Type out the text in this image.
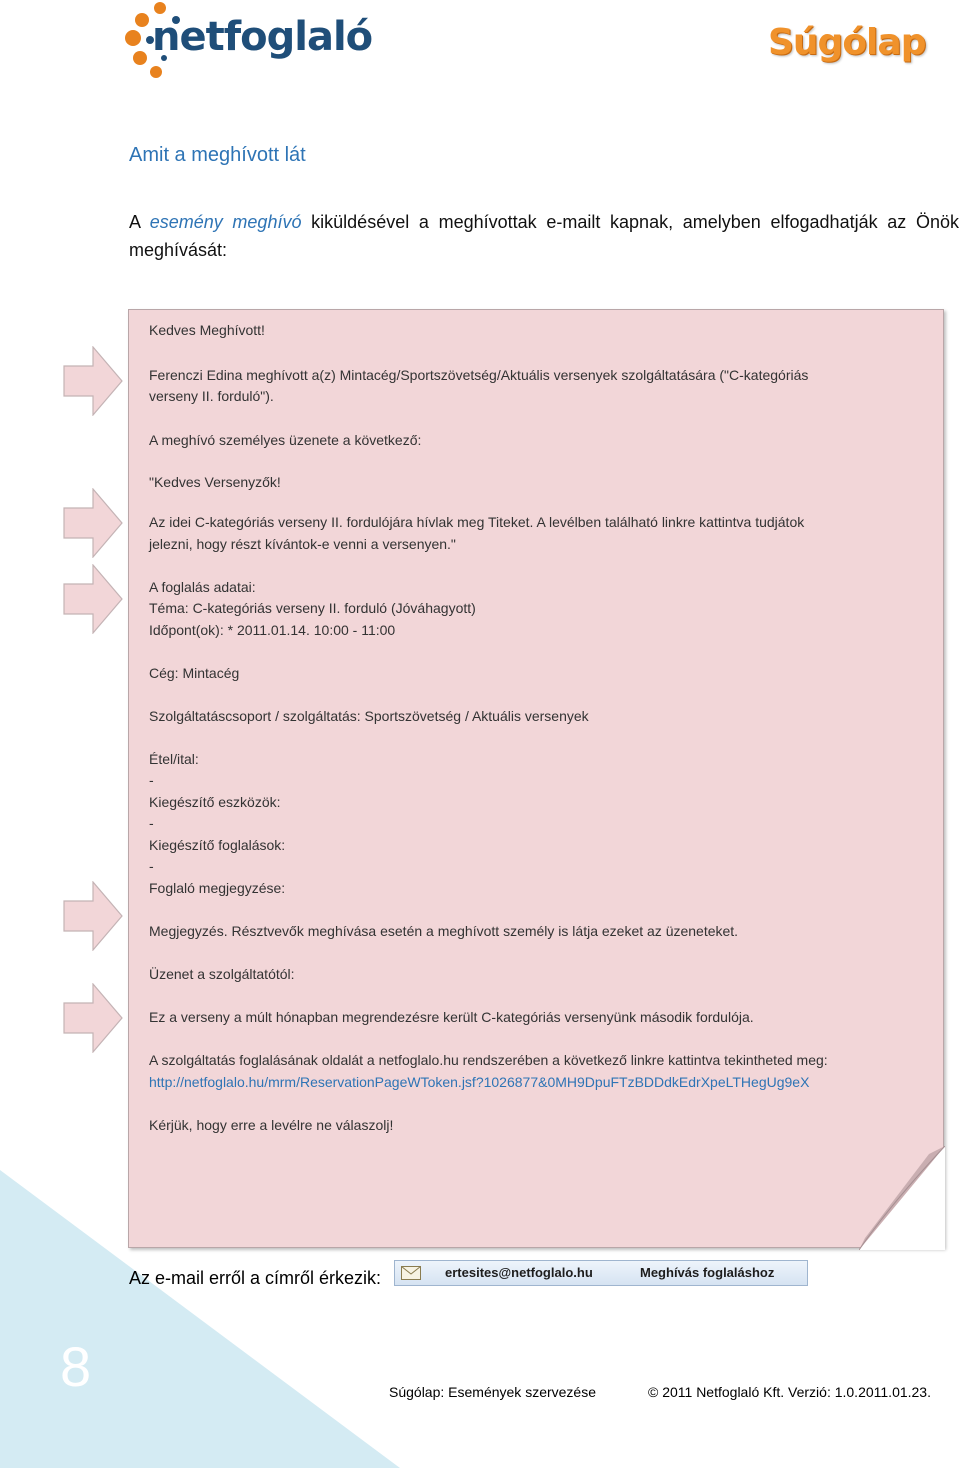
8
netfoglaló	Súgólap
Amit a meghívott lát
A esemény meghívó kiküldésével a meghívottak e-mailt kapnak, amelyben elfogadhatják az Önök meghívását:
Kedves Meghívott!
Ferenczi Edina meghívott a(z) Mintacég/Sportszövetség/Aktuális versenyek szolgáltatására ("C-kategóriás
verseny II. forduló").
A meghívó személyes üzenete a következő:
"Kedves Versenyzők!
Az idei C-kategóriás verseny II. fordulójára hívlak meg Titeket. A levélben található linkre kattintva tudjátok
jelezni, hogy részt kívántok-e venni a versenyen."
A foglalás adatai:
Téma: C-kategóriás verseny II. forduló (Jóváhagyott)
Időpont(ok): * 2011.01.14. 10:00 - 11:00
Cég: Mintacég
Szolgáltatáscsoport / szolgáltatás: Sportszövetség / Aktuális versenyek
Étel/ital:
-
Kiegészítő eszközök:
-
Kiegészítő foglalások:
-
Foglaló megjegyzése:
Megjegyzés. Résztvevők meghívása esetén a meghívott személy is látja ezeket az üzeneteket.
Üzenet a szolgáltatótól:
Ez a verseny a múlt hónapban megrendezésre került C-kategóriás versenyünk második fordulója.
A szolgáltatás foglalásának oldalát a netfoglalo.hu rendszerében a következő linkre kattintva tekintheted meg:
http://netfoglalo.hu/mrm/ReservationPageWToken.jsf?1026877&0MH9DpuFTzBDDdkEdrXpeLTHegUg9eX
Kérjük, hogy erre a levélre ne válaszolj!
Az e-mail erről a címről érkezik:	ertesites@netfoglalo.hu	Meghívás foglaláshoz
Súgólap: Események szervezése	© 2011 Netfoglaló Kft. Verzió: 1.0.2011.01.23.
